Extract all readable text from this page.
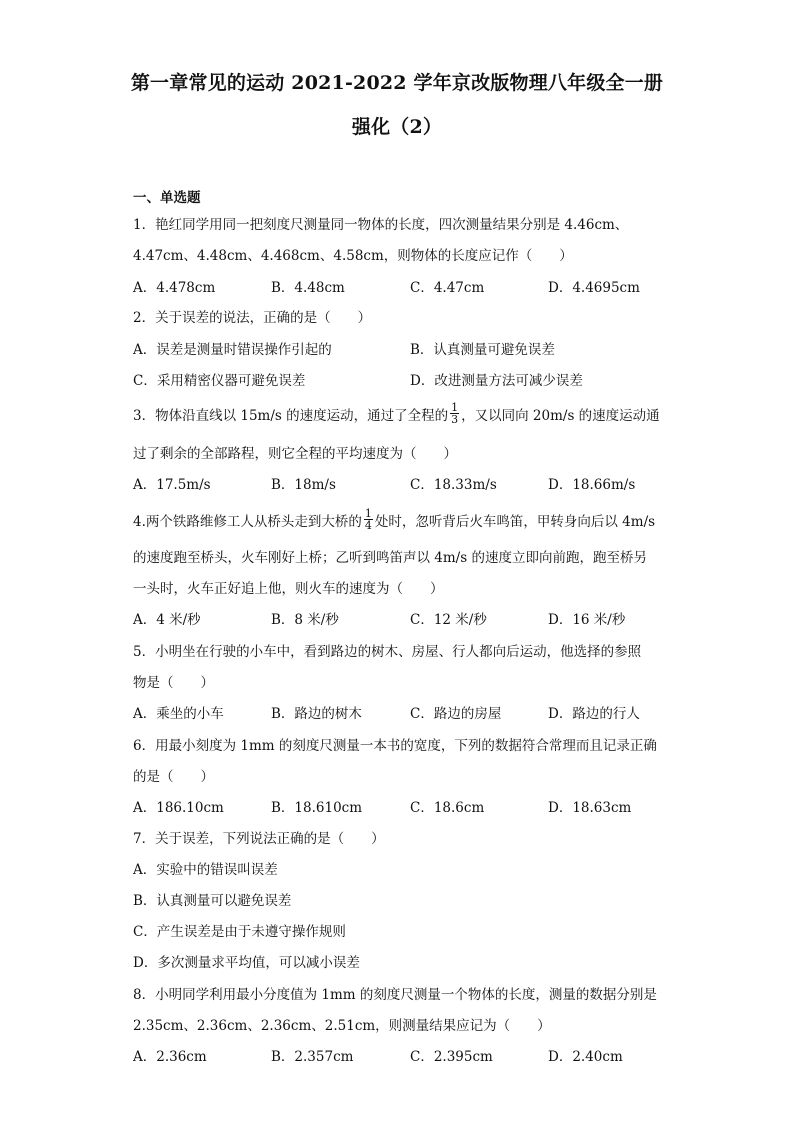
第一章常见的运动 2021-2022 学年京改版物理八年级全一册
强化（2）
一、单选题
1．艳红同学用同一把刻度尺测量同一物体的长度，四次测量结果分别是 4.46cm、
4.47cm、4.48cm、4.468cm、4.58cm，则物体的长度应记作（　　）
A．4.478cm	B．4.48cm	C．4.47cm	D．4.4695cm
2．关于误差的说法，正确的是（　　）
A．误差是测量时错误操作引起的	B．认真测量可避免误差
C．采用精密仪器可避免误差	D．改进测量方法可减少误差
3．物体沿直线以 15m/s 的速度运动，通过了全程的 $\frac{1}{3}$ ，又以同向 20m/s 的速度运动通
过了剩余的全部路程，则它全程的平均速度为（　　）
A．17.5m/s	B．18m/s	C．18.33m/s	D．18.66m/s
4.两个铁路维修工人从桥头走到大桥的 $\frac{1}{4}$ 处时，忽听背后火车鸣笛，甲转身向后以 4m/s
的速度跑至桥头，火车刚好上桥；乙听到鸣笛声以 4m/s 的速度立即向前跑，跑至桥另
一头时，火车正好追上他，则火车的速度为（　　）
A．4 米/秒	B．8 米/秒	C．12 米/秒	D．16 米/秒
5．小明坐在行驶的小车中，看到路边的树木、房屋、行人都向后运动，他选择的参照
物是（　　）
A．乘坐的小车	B．路边的树木	C．路边的房屋	D．路边的行人
6．用最小刻度为 1mm 的刻度尺测量一本书的宽度，下列的数据符合常理而且记录正确
的是（　　）
A．186.10cm	B．18.610cm	C．18.6cm	D．18.63cm
7．关于误差，下列说法正确的是（　　）
A．实验中的错误叫误差
B．认真测量可以避免误差
C．产生误差是由于未遵守操作规则
D．多次测量求平均值，可以减小误差
8．小明同学利用最小分度值为 1mm 的刻度尺测量一个物体的长度，测量的数据分别是
2.35cm、2.36cm、2.36cm、2.51cm，则测量结果应记为（　　）
A．2.36cm	B．2.357cm	C．2.395cm	D．2.40cm
